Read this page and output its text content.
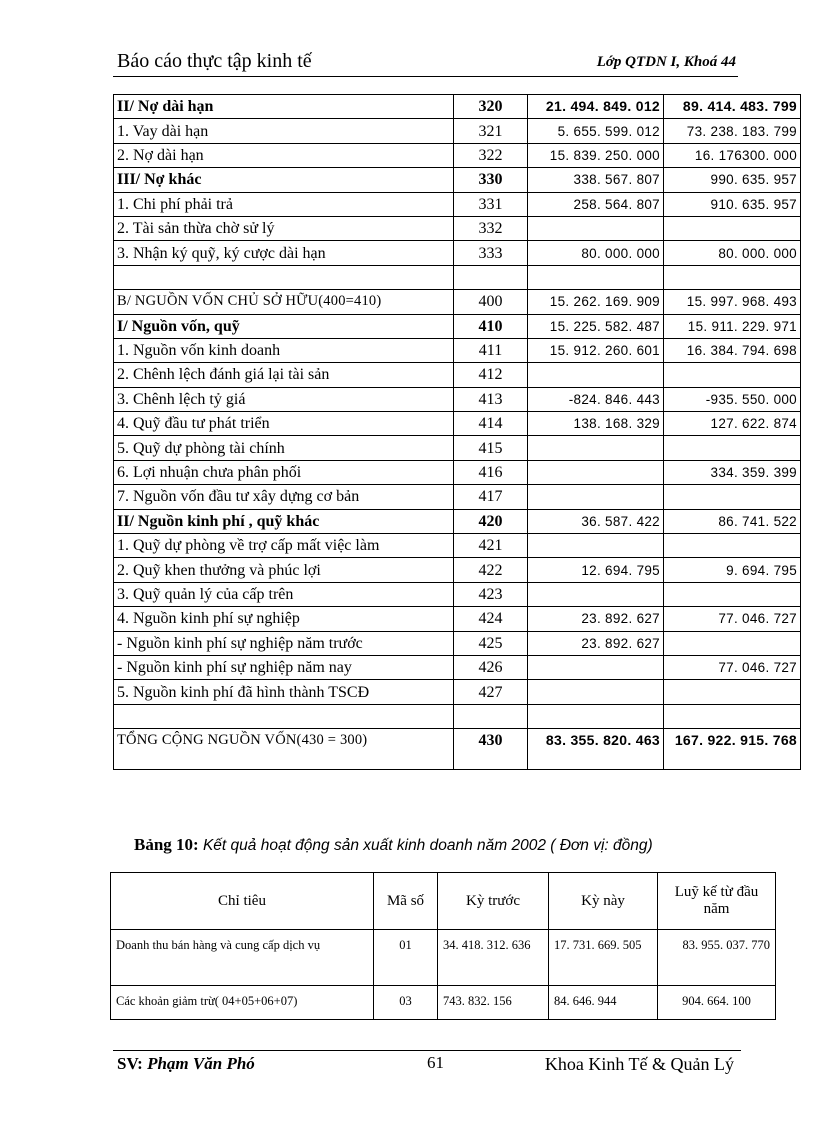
Báo cáo thực tập kinh tế	Lớp QTDN I, Khoá 44
II/ Nợ dài hạn	320	21. 494. 849. 012	89. 414. 483. 799
1. Vay dài hạn	321	5. 655. 599. 012	73. 238. 183. 799
2. Nợ dài hạn	322	15. 839. 250. 000	16. 176300. 000
III/ Nợ khác	330	338. 567. 807	990. 635. 957
1. Chi phí phải trả	331	258. 564. 807	910. 635. 957
2. Tài sản thừa chờ sử lý	332		
3. Nhận ký quỹ, ký cược dài hạn	333	80. 000. 000	80. 000. 000

B/ NGUỒN VỐN CHỦ SỞ HỮU(400=410)	400	15. 262. 169. 909	15. 997. 968. 493
I/ Nguồn vốn, quỹ	410	15. 225. 582. 487	15. 911. 229. 971
1. Nguồn vốn kinh doanh	411	15. 912. 260. 601	16. 384. 794. 698
2. Chênh lệch đánh giá lại tài sản	412		
3. Chênh lệch tỷ giá	413	-824. 846. 443	-935. 550. 000
4. Quỹ đầu tư phát triển	414	138. 168. 329	127. 622. 874
5. Quỹ dự phòng tài chính	415		
6. Lợi nhuận chưa phân phối	416		334. 359. 399
7. Nguồn vốn đầu tư xây dựng cơ bản	417		
II/ Nguồn kinh phí , quỹ khác	420	36. 587. 422	86. 741. 522
1. Quỹ dự phòng về trợ cấp mất việc làm	421		
2. Quỹ khen thưởng và phúc lợi	422	12. 694. 795	9. 694. 795
3. Quỹ quản lý của cấp trên	423		
4. Nguồn kinh phí sự nghiệp	424	23. 892. 627	77. 046. 727
- Nguồn kinh phí sự nghiệp năm trước	425	23. 892. 627	
- Nguồn kinh phí sự nghiệp năm nay	426		77. 046. 727
5. Nguồn kinh phí đã hình thành TSCĐ	427		

TỔNG CỘNG NGUỒN VỐN(430 = 300)	430	83. 355. 820. 463	167. 922. 915. 768
Bảng 10: Kết quả hoạt động sản xuất kinh doanh năm 2002 ( Đơn vị: đồng)
Chỉ tiêu	Mã số	Kỳ trước	Kỳ này	Luỹ kế từ đầu năm
Doanh thu bán hàng và cung cấp dịch vụ	01	34. 418. 312. 636	17. 731. 669. 505	83. 955. 037. 770
Các khoản giảm trừ( 04+05+06+07)	03	743. 832. 156	84. 646. 944	904. 664. 100
SV: Phạm Văn Phó	61	Khoa Kinh Tế & Quản Lý
